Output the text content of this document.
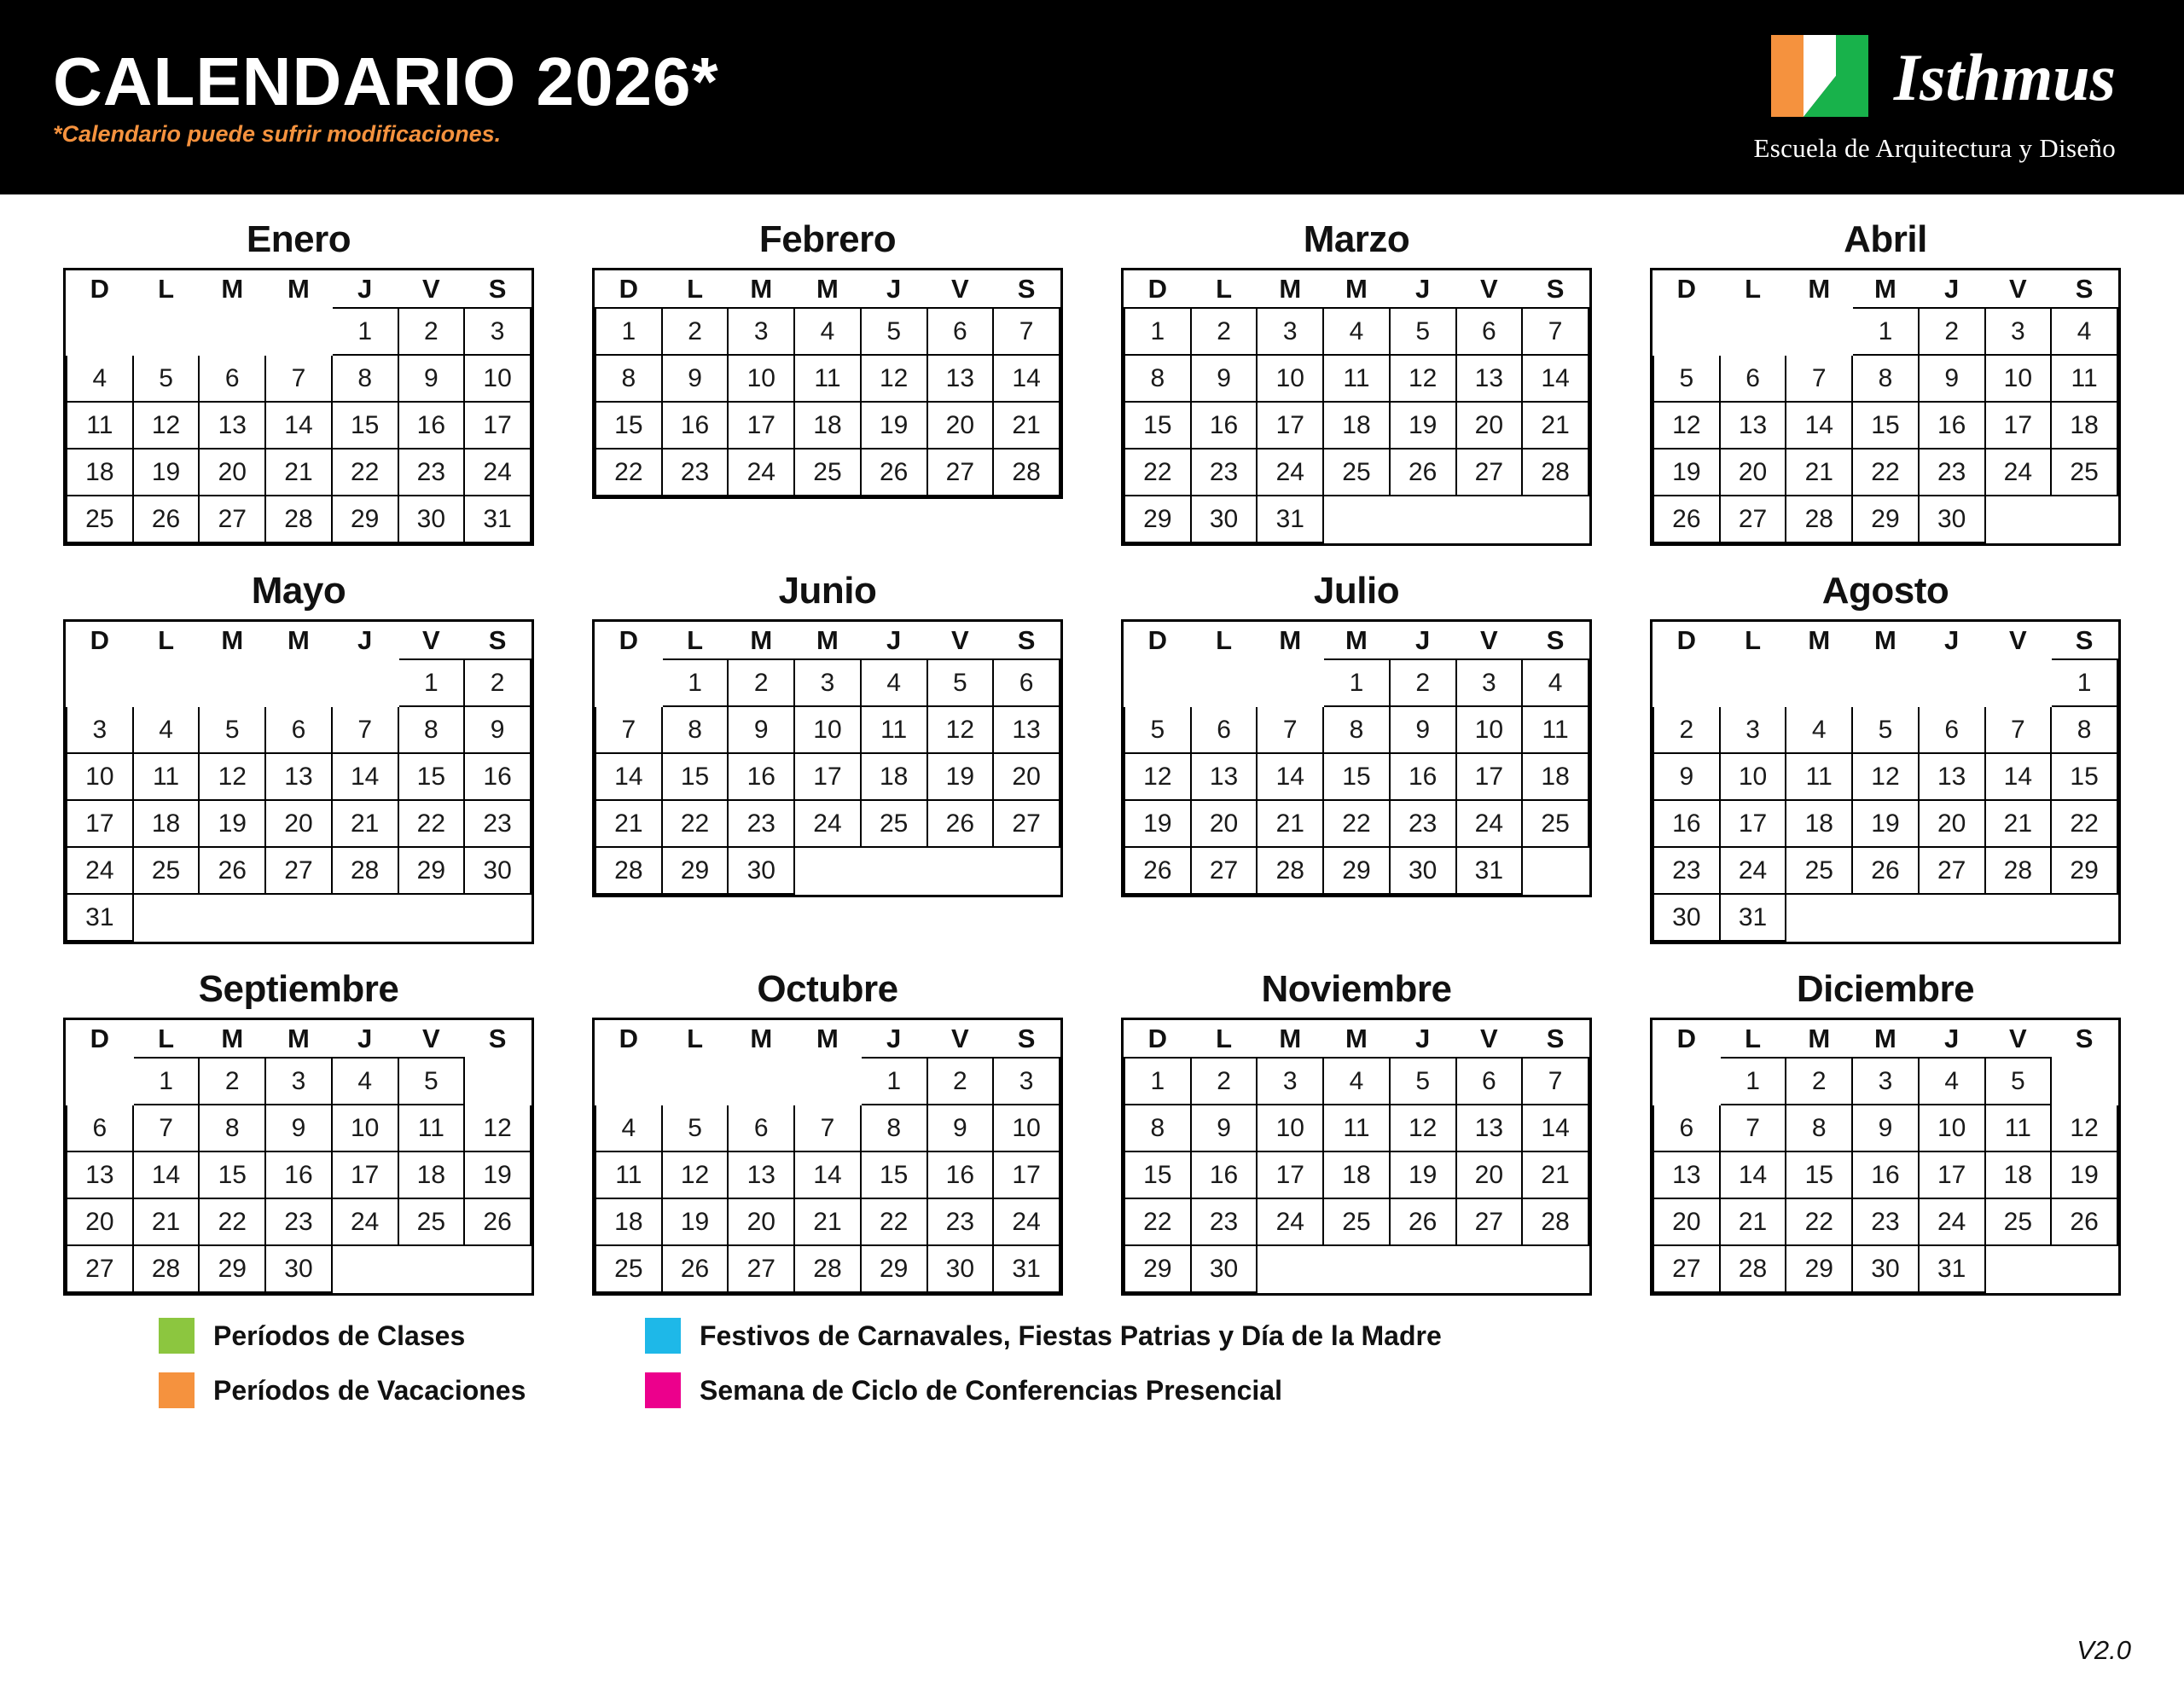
CALENDARIO 2026*
*Calendario puede sufrir modificaciones.
Isthmus
Escuela de Arquitectura y Diseño
Enero
D	L	M	M	J	V	S
				1	2	3
4	5	6	7	8	9	10
11	12	13	14	15	16	17
18	19	20	21	22	23	24
25	26	27	28	29	30	31
Febrero
D	L	M	M	J	V	S
1	2	3	4	5	6	7
8	9	10	11	12	13	14
15	16	17	18	19	20	21
22	23	24	25	26	27	28
Marzo
D	L	M	M	J	V	S
1	2	3	4	5	6	7
8	9	10	11	12	13	14
15	16	17	18	19	20	21
22	23	24	25	26	27	28
29	30	31				
Abril
D	L	M	M	J	V	S
			1	2	3	4
5	6	7	8	9	10	11
12	13	14	15	16	17	18
19	20	21	22	23	24	25
26	27	28	29	30		
Mayo
D	L	M	M	J	V	S
					1	2
3	4	5	6	7	8	9
10	11	12	13	14	15	16
17	18	19	20	21	22	23
24	25	26	27	28	29	30
31						
Junio
D	L	M	M	J	V	S
	1	2	3	4	5	6
7	8	9	10	11	12	13
14	15	16	17	18	19	20
21	22	23	24	25	26	27
28	29	30				
Julio
D	L	M	M	J	V	S
			1	2	3	4
5	6	7	8	9	10	11
12	13	14	15	16	17	18
19	20	21	22	23	24	25
26	27	28	29	30	31	
Agosto
D	L	M	M	J	V	S
						1
2	3	4	5	6	7	8
9	10	11	12	13	14	15
16	17	18	19	20	21	22
23	24	25	26	27	28	29
30	31					
Septiembre
D	L	M	M	J	V	S
	1	2	3	4	5	
6	7	8	9	10	11	12
13	14	15	16	17	18	19
20	21	22	23	24	25	26
27	28	29	30			
Octubre
D	L	M	M	J	V	S
				1	2	3
4	5	6	7	8	9	10
11	12	13	14	15	16	17
18	19	20	21	22	23	24
25	26	27	28	29	30	31
Noviembre
D	L	M	M	J	V	S
1	2	3	4	5	6	7
8	9	10	11	12	13	14
15	16	17	18	19	20	21
22	23	24	25	26	27	28
29	30					
Diciembre
D	L	M	M	J	V	S
	1	2	3	4	5	
6	7	8	9	10	11	12
13	14	15	16	17	18	19
20	21	22	23	24	25	26
27	28	29	30	31		
Períodos de Clases	Festivos de Carnavales, Fiestas Patrias y Día de la Madre
Períodos de Vacaciones	Semana de Ciclo de Conferencias Presencial
V2.0
